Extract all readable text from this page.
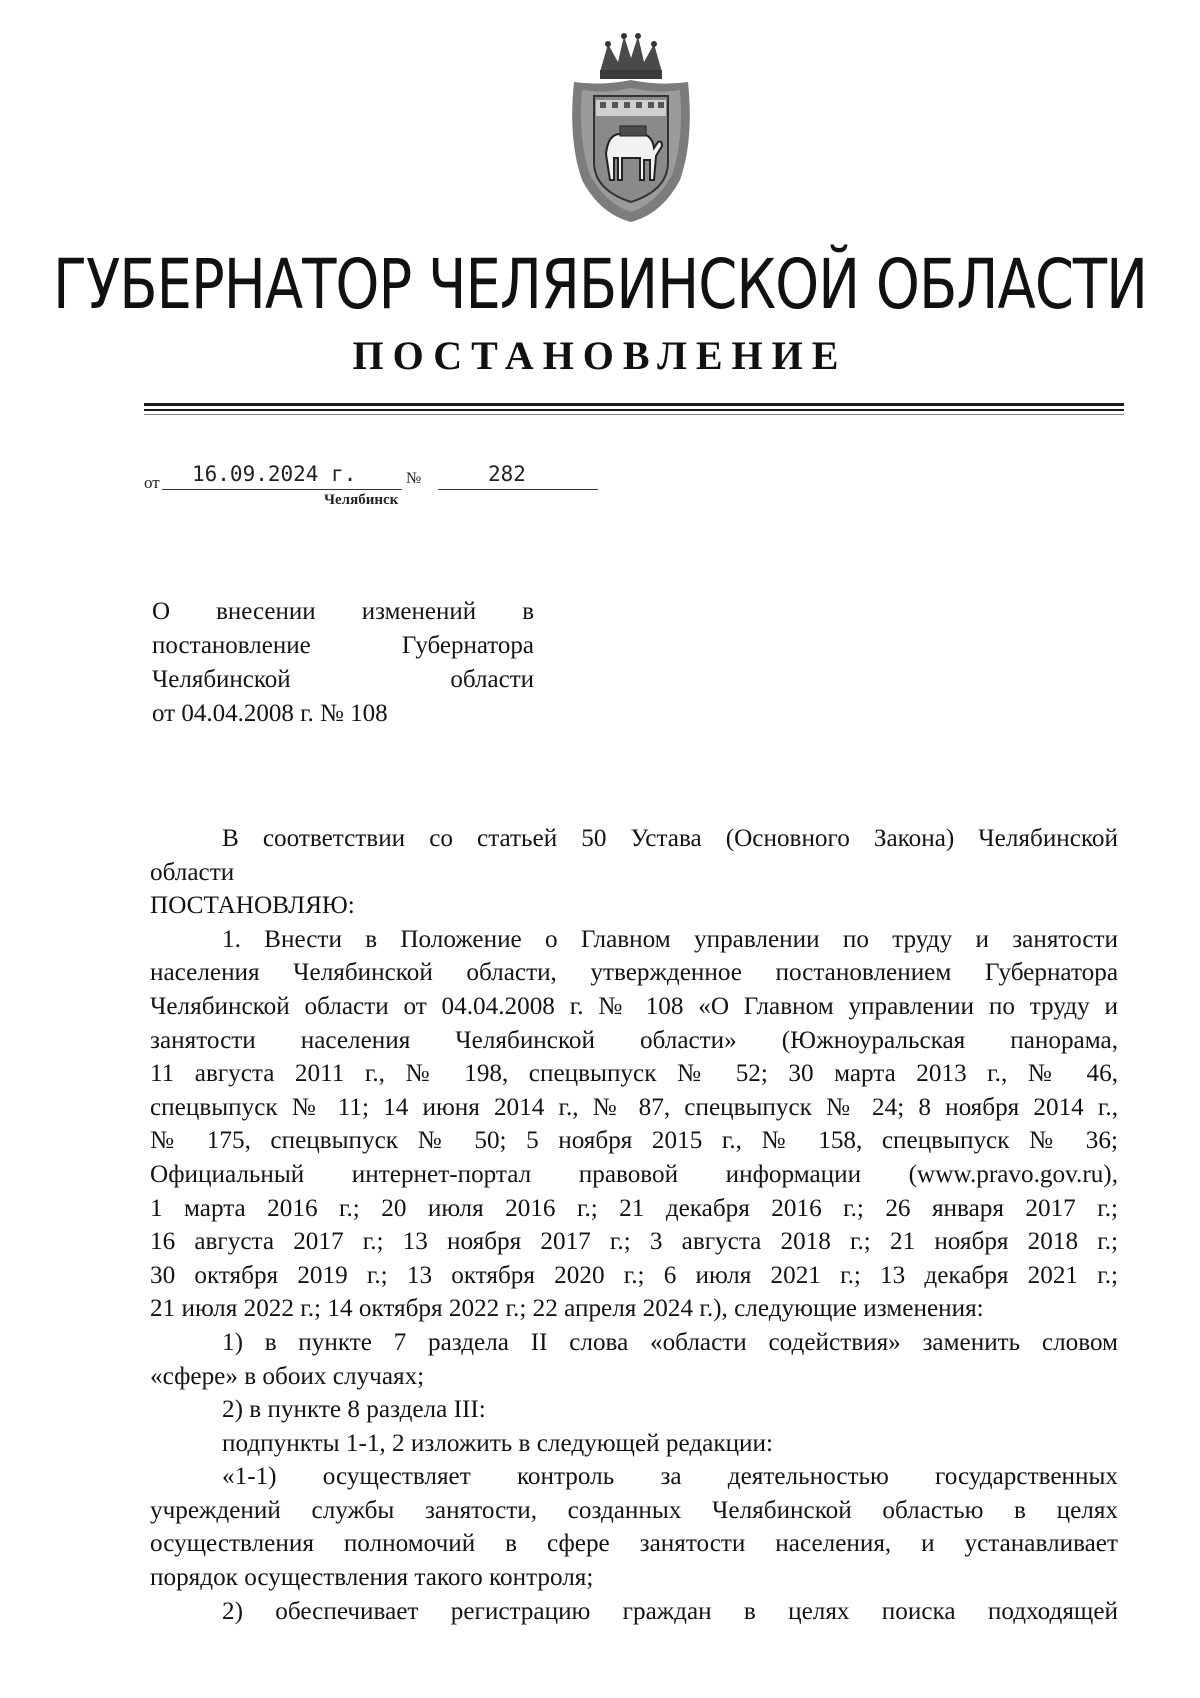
ГУБЕРНАТОР ЧЕЛЯБИНСКОЙ ОБЛАСТИ
ПОСТАНОВЛЕНИЕ
от 16.09.2024 г.	№	282
Челябинск
О внесении изменений в
постановление Губернатора
Челябинской области
от 04.04.2008 г. № 108
В соответствии со статьей 50 Устава (Основного Закона) Челябинской
области
ПОСТАНОВЛЯЮ:
1. Внести в Положение о Главном управлении по труду и занятости
населения Челябинской области, утвержденное постановлением Губернатора
Челябинской области от 04.04.2008 г. № 108 «О Главном управлении по труду и
занятости населения Челябинской области» (Южноуральская панорама,
11 августа 2011 г., № 198, спецвыпуск № 52; 30 марта 2013 г., № 46,
спецвыпуск № 11; 14 июня 2014 г., № 87, спецвыпуск № 24; 8 ноября 2014 г.,
№ 175, спецвыпуск № 50; 5 ноября 2015 г., № 158, спецвыпуск № 36;
Официальный интернет-портал правовой информации (www.pravo.gov.ru),
1 марта 2016 г.; 20 июля 2016 г.; 21 декабря 2016 г.; 26 января 2017 г.;
16 августа 2017 г.; 13 ноября 2017 г.; 3 августа 2018 г.; 21 ноября 2018 г.;
30 октября 2019 г.; 13 октября 2020 г.; 6 июля 2021 г.; 13 декабря 2021 г.;
21 июля 2022 г.; 14 октября 2022 г.; 22 апреля 2024 г.), следующие изменения:
1) в пункте 7 раздела II слова «области содействия» заменить словом
«сфере» в обоих случаях;
2) в пункте 8 раздела III:
подпункты 1-1, 2 изложить в следующей редакции:
«1-1) осуществляет контроль за деятельностью государственных
учреждений службы занятости, созданных Челябинской областью в целях
осуществления полномочий в сфере занятости населения, и устанавливает
порядок осуществления такого контроля;
2) обеспечивает регистрацию граждан в целях поиска подходящей
